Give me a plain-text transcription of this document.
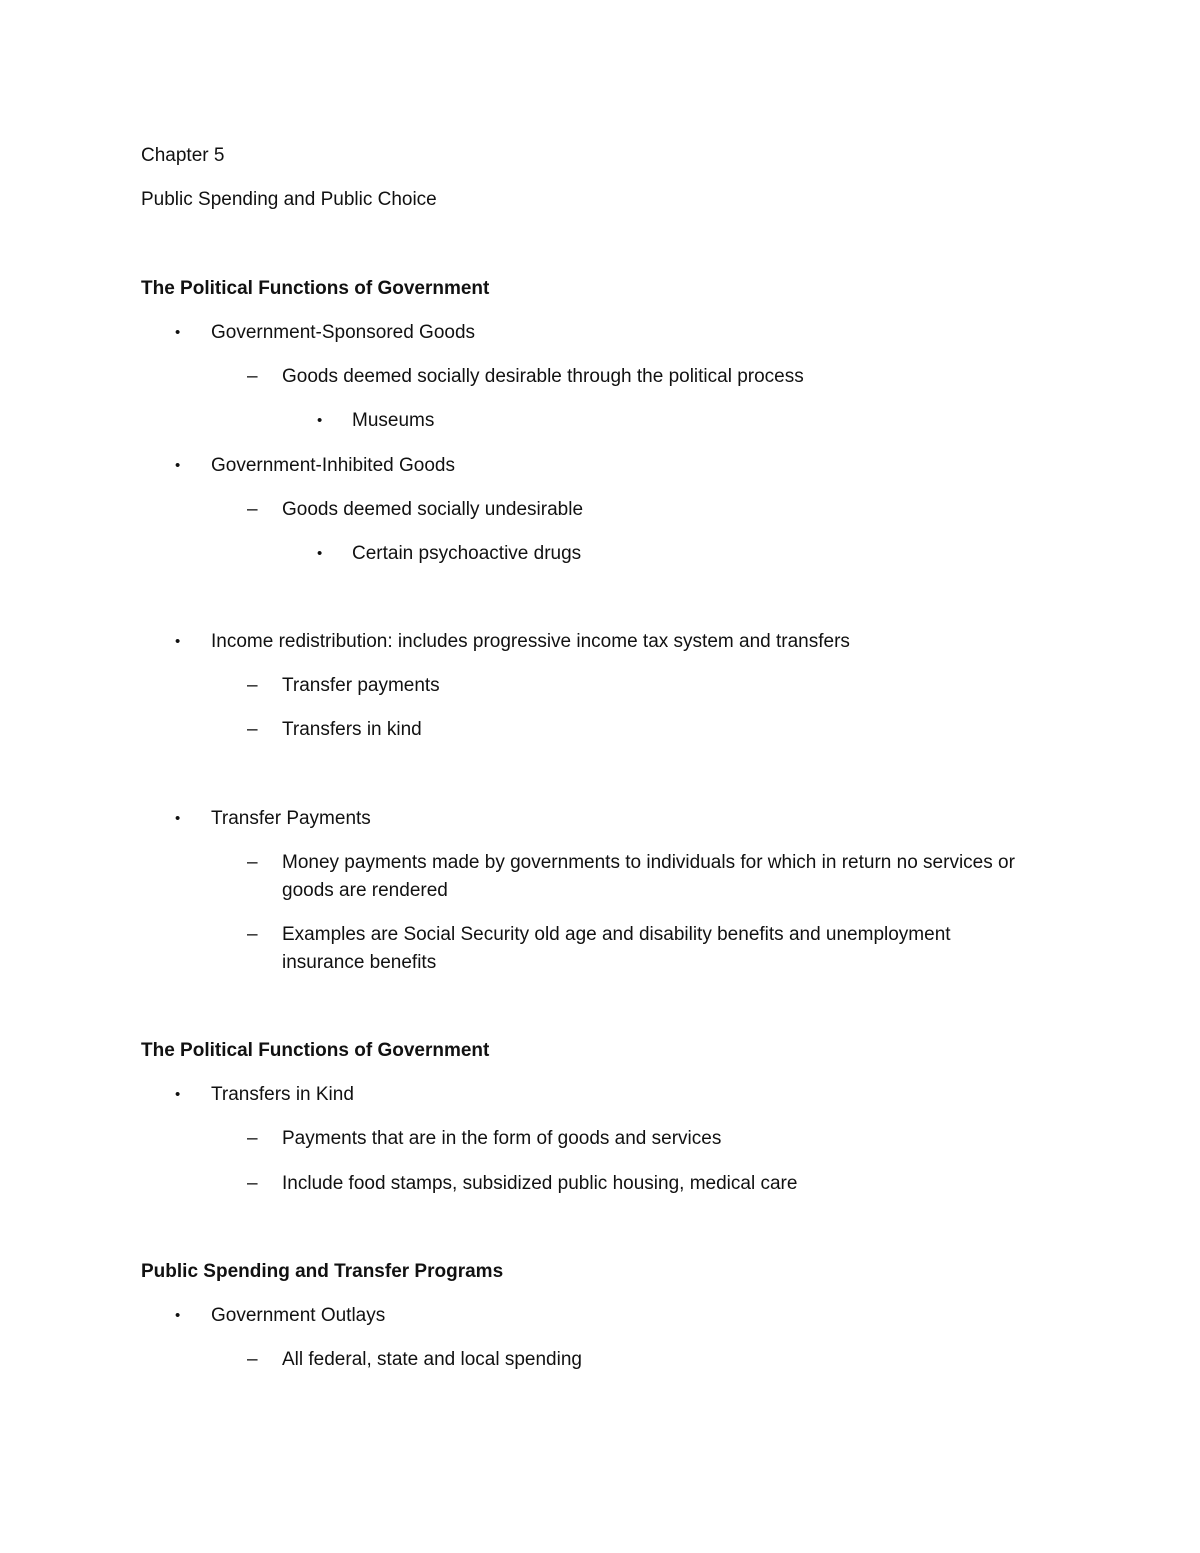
Chapter 5
Public Spending and Public Choice
The Political Functions of Government
• Government-Sponsored Goods
– Goods deemed socially desirable through the political process
• Museums
• Government-Inhibited Goods
– Goods deemed socially undesirable
• Certain psychoactive drugs
• Income redistribution: includes progressive income tax system and transfers
– Transfer payments
– Transfers in kind
• Transfer Payments
– Money payments made by governments to individuals for which in return no services or
goods are rendered
– Examples are Social Security old age and disability benefits and unemployment
insurance benefits
The Political Functions of Government
• Transfers in Kind
– Payments that are in the form of goods and services
– Include food stamps, subsidized public housing, medical care
Public Spending and Transfer Programs
• Government Outlays
– All federal, state and local spending
